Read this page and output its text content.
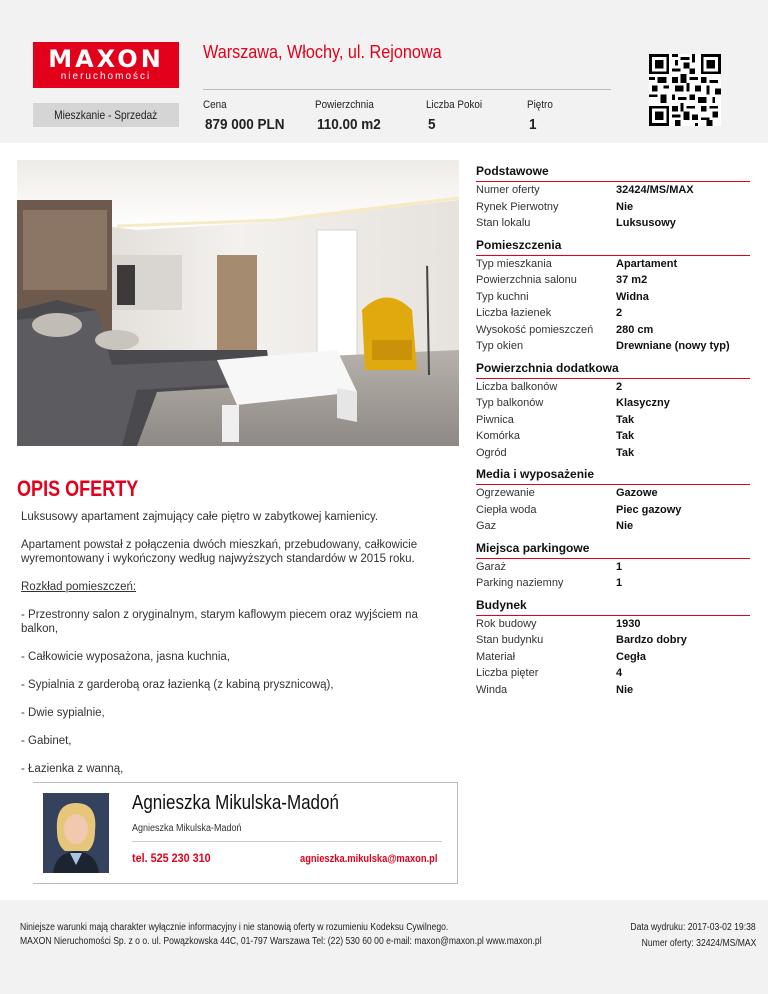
MAXON
nieruchomości
Warszawa, Włochy, ul. Rejonowa
Mieszkanie - Sprzedaż
Cena
879 000 PLN
Powierzchnia
110.00 m2
Liczba Pokoi
5
Piętro
1
OPIS OFERTY

Luksusowy apartament zajmujący całe piętro w zabytkowej kamienicy.

Apartament powstał z połączenia dwóch mieszkań, przebudowany, całkowicie wyremontowany i wykończony według najwyższych standardów w 2015 roku.

Rozkład pomieszczeń:

- Przestronny salon z oryginalnym, starym kaflowym piecem oraz wyjściem na balkon,

- Całkowicie wyposażona, jasna kuchnia,

- Sypialnia z garderobą oraz łazienką (z kabiną prysznicową),

- Dwie sypialnie,

- Gabinet,

- Łazienka z wanną,

Podstawowe
Numer oferty	32424/MS/MAX
Rynek Pierwotny	Nie
Stan lokalu	Luksusowy
Pomieszczenia
Typ mieszkania	Apartament
Powierzchnia salonu	37 m2
Typ kuchni	Widna
Liczba łazienek	2
Wysokość pomieszczeń	280 cm
Typ okien	Drewniane (nowy typ)
Powierzchnia dodatkowa
Liczba balkonów	2
Typ balkonów	Klasyczny
Piwnica	Tak
Komórka	Tak
Ogród	Tak
Media i wyposażenie
Ogrzewanie	Gazowe
Ciepła woda	Piec gazowy
Gaz	Nie
Miejsca parkingowe
Garaż	1
Parking naziemny	1
Budynek
Rok budowy	1930
Stan budynku	Bardzo dobry
Materiał	Cegła
Liczba pięter	4
Winda	Nie
Agnieszka Mikulska-Madoń
Agnieszka Mikulska-Madoń
tel. 525 230 310	agnieszka.mikulska@maxon.pl
Niniejsze warunki mają charakter wyłącznie informacyjny i nie stanowią oferty w rozumieniu Kodeksu Cywilnego.
MAXON Nieruchomości Sp. z o o. ul. Powązkowska 44C, 01-797 Warszawa Tel: (22) 530 60 00 e-mail: maxon@maxon.pl www.maxon.pl
Data wydruku: 2017-03-02 19:38
Numer oferty: 32424/MS/MAX
